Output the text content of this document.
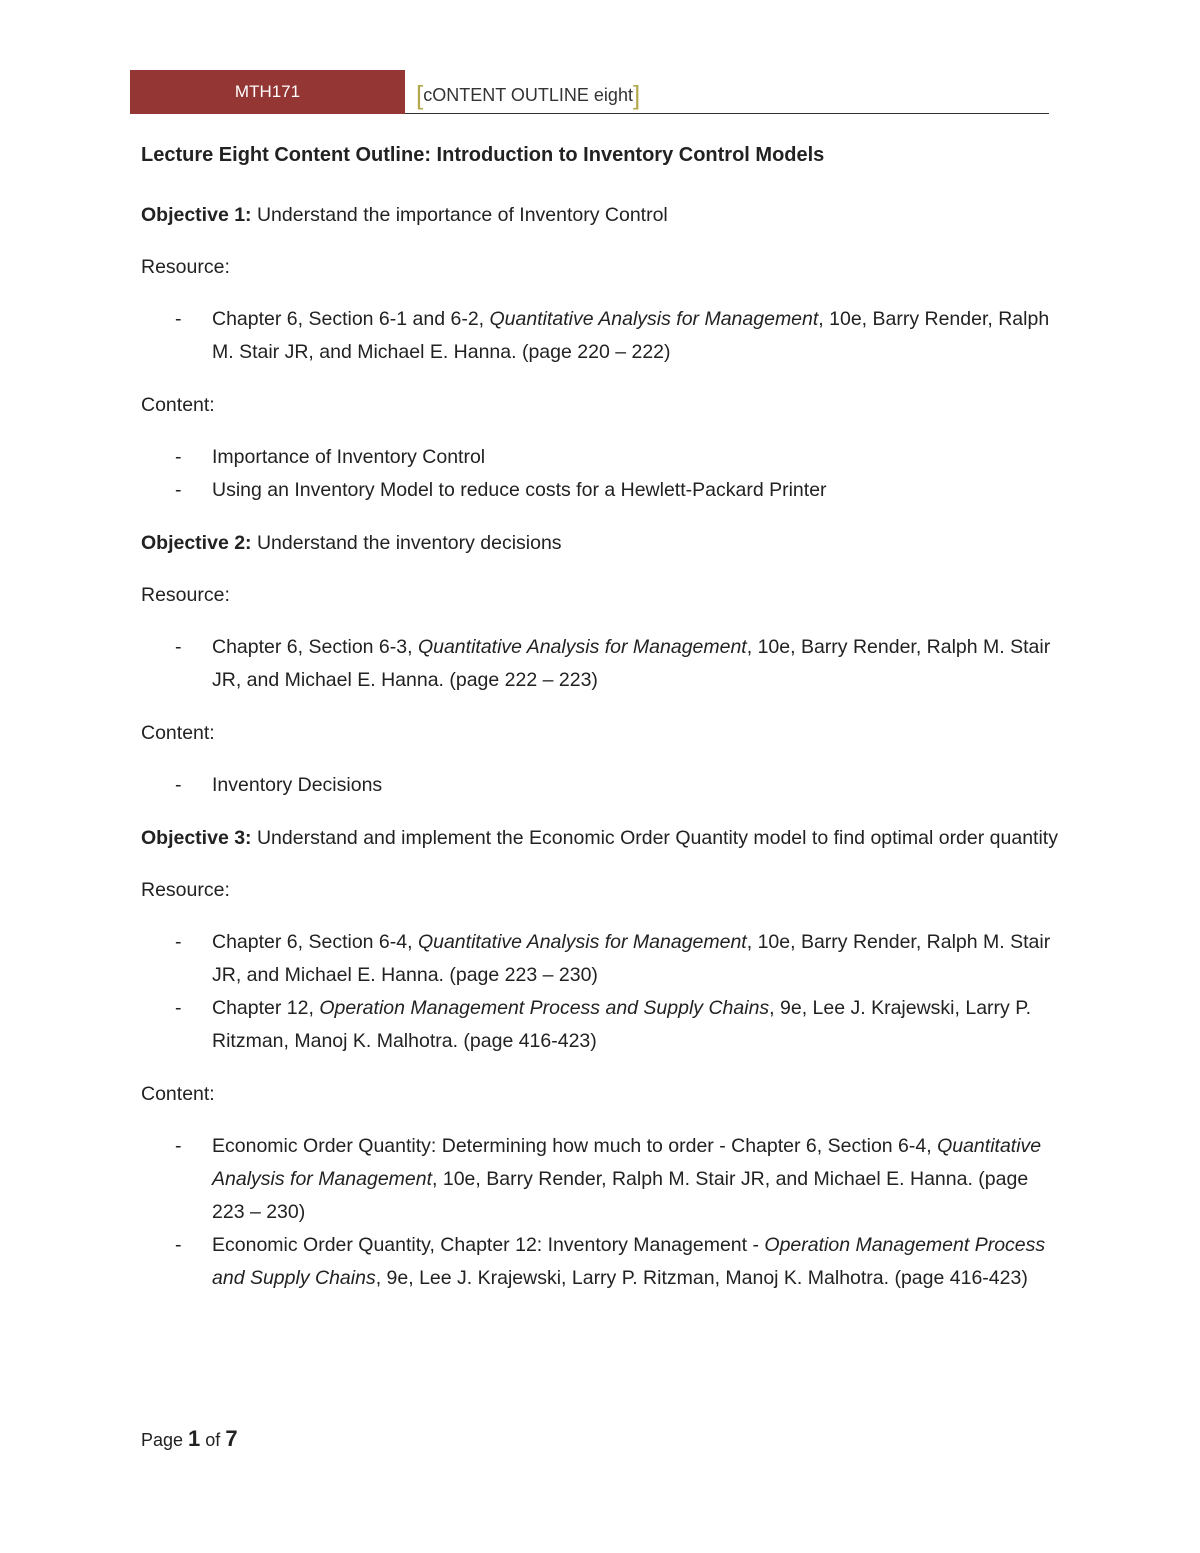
MTH171	[cONTENT OUTLINE eight]
Lecture Eight Content Outline: Introduction to Inventory Control Models
Objective 1: Understand the importance of Inventory Control
Resource:
- Chapter 6, Section 6-1 and 6-2, Quantitative Analysis for Management, 10e, Barry Render, Ralph M. Stair JR, and Michael E. Hanna. (page 220 – 222)
Content:
- Importance of Inventory Control
- Using an Inventory Model to reduce costs for a Hewlett-Packard Printer
Objective 2: Understand the inventory decisions
Resource:
- Chapter 6, Section 6-3, Quantitative Analysis for Management, 10e, Barry Render, Ralph M. Stair JR, and Michael E. Hanna. (page 222 – 223)
Content:
- Inventory Decisions
Objective 3: Understand and implement the Economic Order Quantity model to find optimal order quantity
Resource:
- Chapter 6, Section 6-4, Quantitative Analysis for Management, 10e, Barry Render, Ralph M. Stair JR, and Michael E. Hanna. (page 223 – 230)
- Chapter 12, Operation Management Process and Supply Chains, 9e, Lee J. Krajewski, Larry P. Ritzman, Manoj K. Malhotra. (page 416-423)
Content:
- Economic Order Quantity: Determining how much to order - Chapter 6, Section 6-4, Quantitative Analysis for Management, 10e, Barry Render, Ralph M. Stair JR, and Michael E. Hanna. (page 223 – 230)
- Economic Order Quantity, Chapter 12: Inventory Management - Operation Management Process and Supply Chains, 9e, Lee J. Krajewski, Larry P. Ritzman, Manoj K. Malhotra. (page 416-423)
Page 1 of 7
